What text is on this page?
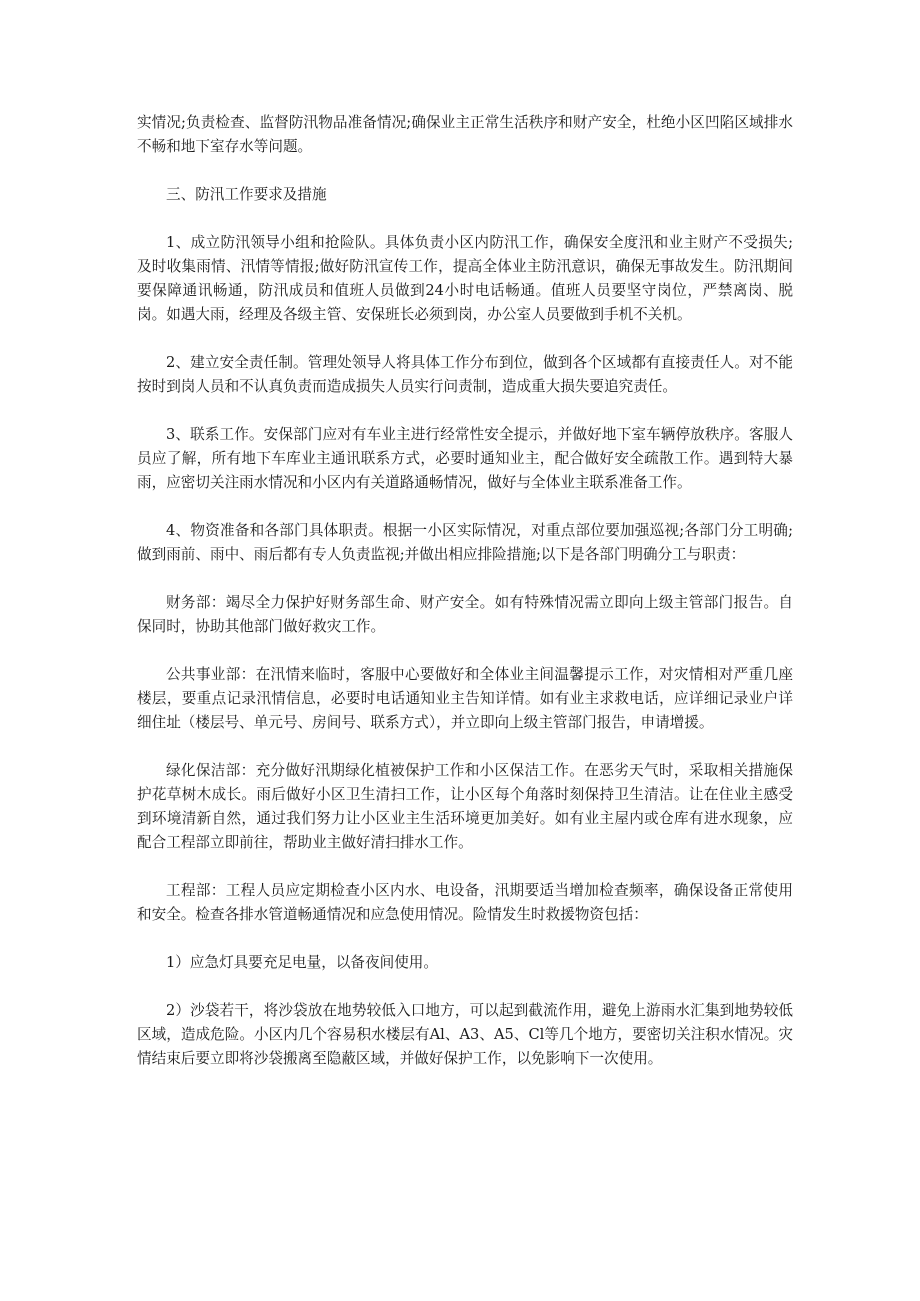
实情况;负责检查、监督防汛物品准备情况;确保业主正常生活秩序和财产安全，杜绝小区凹陷区域排水不畅和地下室存水等问题。

三、防汛工作要求及措施

1、成立防汛领导小组和抢险队。具体负责小区内防汛工作，确保安全度汛和业主财产不受损失;及时收集雨情、汛情等情报;做好防汛宣传工作，提高全体业主防汛意识，确保无事故发生。防汛期间要保障通讯畅通，防汛成员和值班人员做到24小时电话畅通。值班人员要坚守岗位，严禁离岗、脱岗。如遇大雨，经理及各级主管、安保班长必须到岗，办公室人员要做到手机不关机。

2、建立安全责任制。管理处领导人将具体工作分布到位，做到各个区域都有直接责任人。对不能按时到岗人员和不认真负责而造成损失人员实行问责制，造成重大损失要追究责任。

3、联系工作。安保部门应对有车业主进行经常性安全提示，并做好地下室车辆停放秩序。客服人员应了解，所有地下车库业主通讯联系方式，必要时通知业主，配合做好安全疏散工作。遇到特大暴雨，应密切关注雨水情况和小区内有关道路通畅情况，做好与全体业主联系准备工作。

4、物资准备和各部门具体职责。根据一小区实际情况，对重点部位要加强巡视;各部门分工明确;做到雨前、雨中、雨后都有专人负责监视;并做出相应排险措施;以下是各部门明确分工与职责：

财务部：竭尽全力保护好财务部生命、财产安全。如有特殊情况需立即向上级主管部门报告。自保同时，协助其他部门做好救灾工作。

公共事业部：在汛情来临时，客服中心要做好和全体业主间温馨提示工作，对灾情相对严重几座楼层，要重点记录汛情信息，必要时电话通知业主告知详情。如有业主求救电话，应详细记录业户详细住址（楼层号、单元号、房间号、联系方式），并立即向上级主管部门报告，申请增援。

绿化保洁部：充分做好汛期绿化植被保护工作和小区保洁工作。在恶劣天气时，采取相关措施保护花草树木成长。雨后做好小区卫生清扫工作，让小区每个角落时刻保持卫生清洁。让在住业主感受到环境清新自然，通过我们努力让小区业主生活环境更加美好。如有业主屋内或仓库有进水现象，应配合工程部立即前往，帮助业主做好清扫排水工作。

工程部：工程人员应定期检查小区内水、电设备，汛期要适当增加检查频率，确保设备正常使用和安全。检查各排水管道畅通情况和应急使用情况。险情发生时救援物资包括：

1）应急灯具要充足电量，以备夜间使用。

2）沙袋若干，将沙袋放在地势较低入口地方，可以起到截流作用，避免上游雨水汇集到地势较低区域，造成危险。小区内几个容易积水楼层有Al、A3、A5、Cl等几个地方，要密切关注积水情况。灾情结束后要立即将沙袋搬离至隐蔽区域，并做好保护工作，以免影响下一次使用。
